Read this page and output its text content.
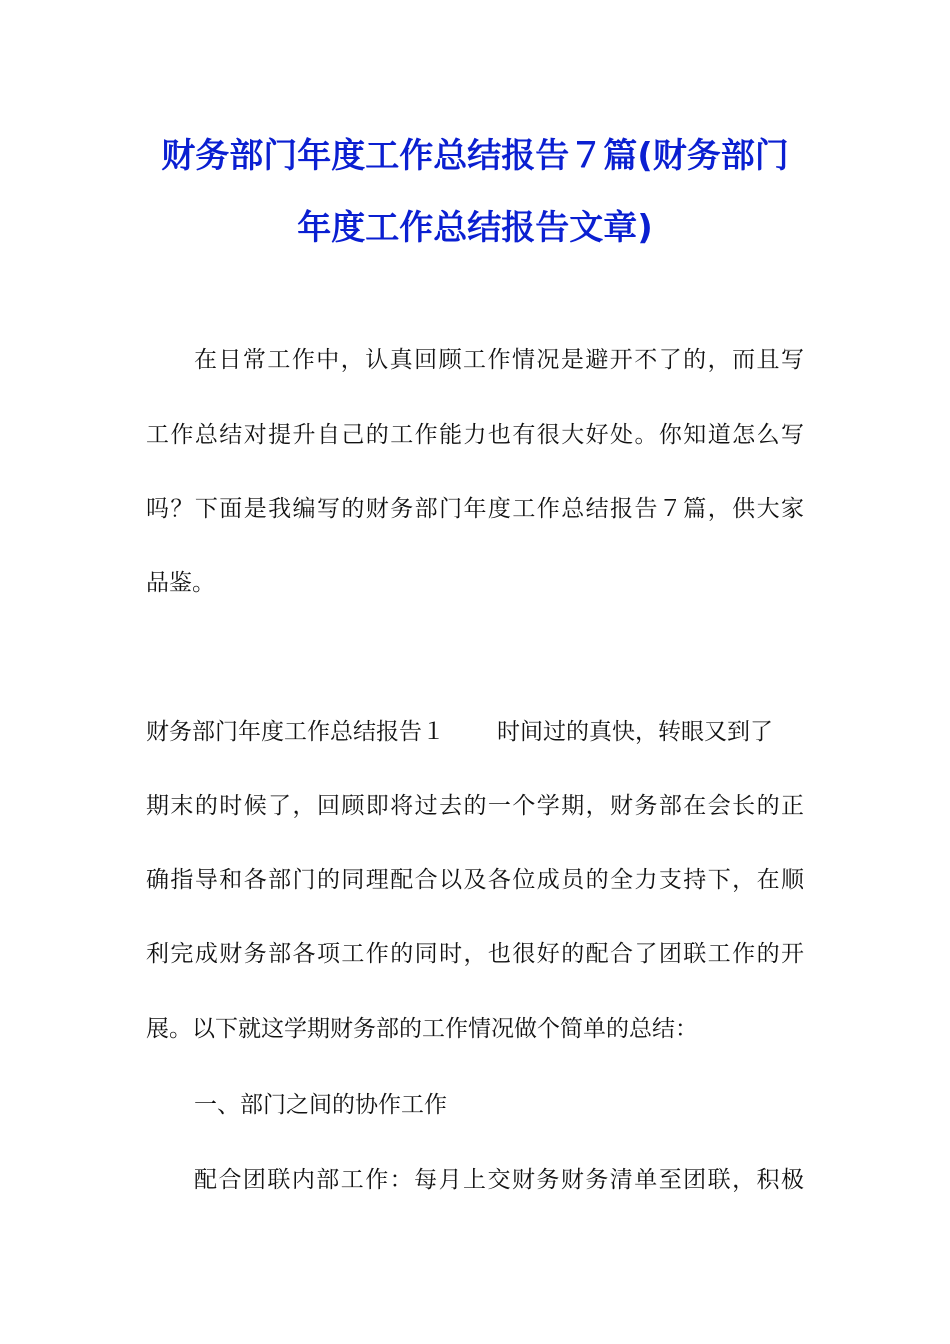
财务部门年度工作总结报告７篇(财务部门
年度工作总结报告文章)
在日常工作中，认真回顾工作情况是避开不了的，而且写
工作总结对提升自己的工作能力也有很大好处。你知道怎么写
吗？下面是我编写的财务部门年度工作总结报告７篇，供大家
品鉴。
财务部门年度工作总结报告１ 时间过的真快，转眼又到了
期末的时候了，回顾即将过去的一个学期，财务部在会长的正
确指导和各部门的同理配合以及各位成员的全力支持下，在顺
利完成财务部各项工作的同时，也很好的配合了团联工作的开
展。以下就这学期财务部的工作情况做个简单的总结：
一、部门之间的协作工作
配合团联内部工作：每月上交财务财务清单至团联，积极
